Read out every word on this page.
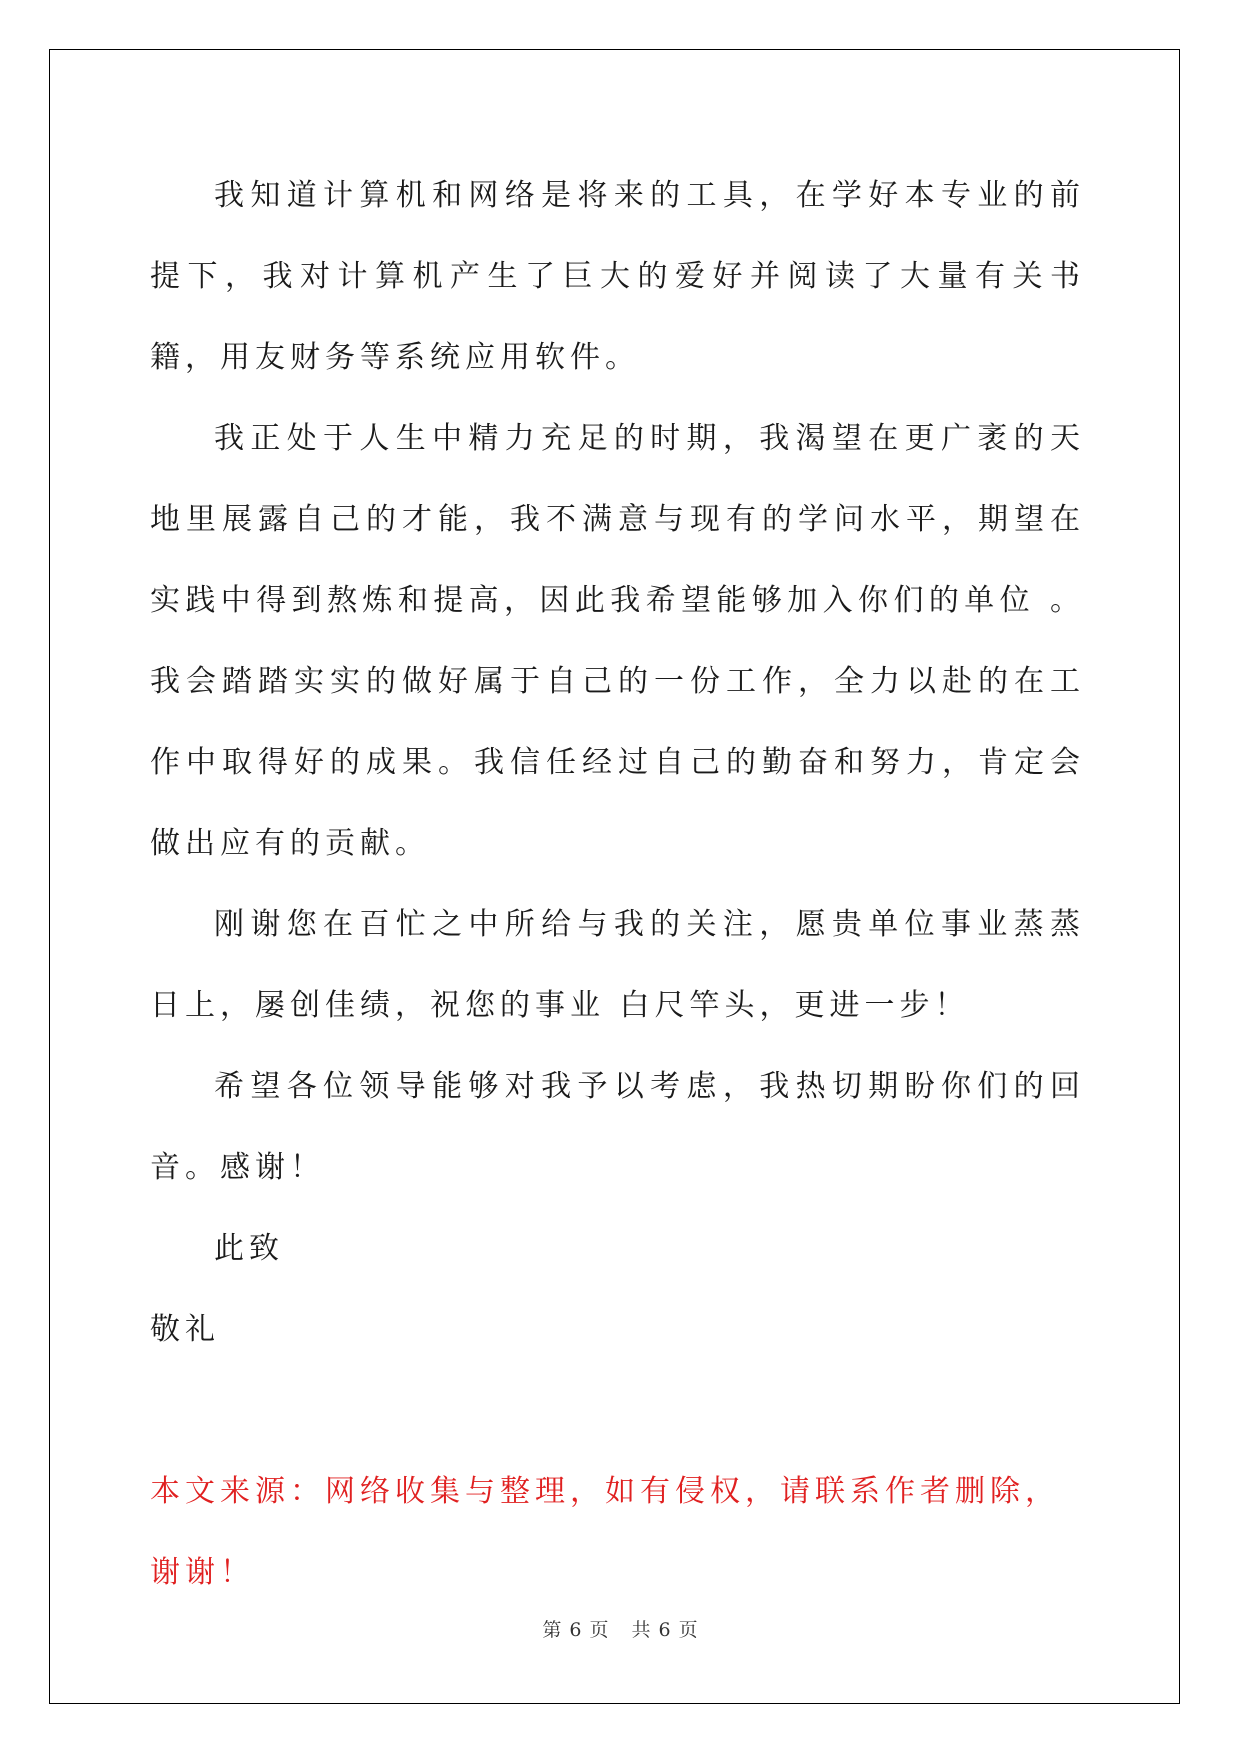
我知道计算机和网络是将来的工具，在学好本专业的前提下，我对计算机产生了巨大的爱好并阅读了大量有关书籍，用友财务等系统应用软件。

我正处于人生中精力充足的时期，我渴望在更广袤的天地里展露自己的才能，我不满意与现有的学问水平，期望在实践中得到熬炼和提高，因此我希望能够加入你们的单位 。我会踏踏实实的做好属于自己的一份工作，全力以赴的在工作中取得好的成果。我信任经过自己的勤奋和努力，肯定会做出应有的贡献。

刚谢您在百忙之中所给与我的关注，愿贵单位事业蒸蒸日上，屡创佳绩，祝您的事业 白尺竿头，更进一步！

希望各位领导能够对我予以考虑，我热切期盼你们的回音。感谢！

此致

敬礼

本文来源：网络收集与整理，如有侵权，请联系作者删除，谢谢！

第 6 页 共 6 页
